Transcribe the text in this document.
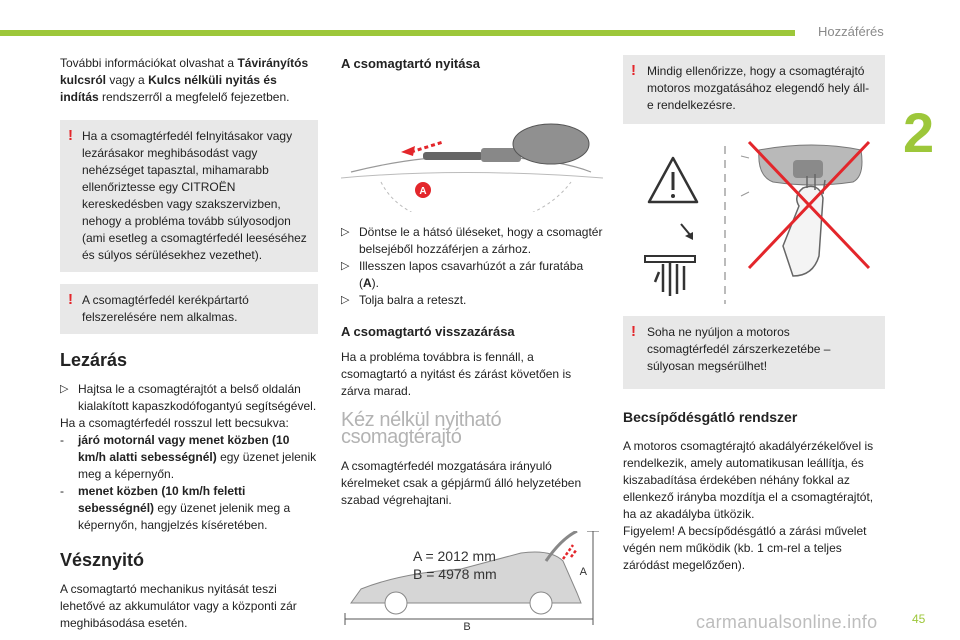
Hozzáférés
2
45
carmanualsonline.info

További információkat olvashat a Távirányítós kulcsról vagy a Kulcs nélküli nyitás és indítás rendszerről a megfelelő fejezetben.

! Ha a csomagtérfedél felnyitásakor vagy lezárásakor meghibásodást vagy nehézséget tapasztal, mihamarabb ellenőriztesse egy CITROËN kereskedésben vagy szakszervizben, nehogy a probléma tovább súlyosodjon (ami esetleg a csomagtérfedél leeséséhez és súlyos sérülésekhez vezethet).

! A csomagtérfedél kerékpártartó felszerelésére nem alkalmas.

Lezárás
▷ Hajtsa le a csomagtérajtót a belső oldalán kialakított kapaszkodófogantyú segítségével.

Ha a csomagtérfedél rosszul lett becsukva:

- járó motornál vagy menet közben (10 km/h alatti sebességnél) egy üzenet jelenik meg a képernyőn.
- menet közben (10 km/h feletti sebességnél) egy üzenet jelenik meg a képernyőn, hangjelzés kíséretében.
Vésznyitó

A csomagtartó mechanikus nyitását teszi lehetővé az akkumulátor vagy a központi zár meghibásodása esetén.

A csomagtartó nyitása
A
▷ Döntse le a hátsó üléseket, hogy a csomagtér belsejéből hozzáférjen a zárhoz.
▷ Illesszen lapos csavarhúzót a zár furatába (A).
▷ Tolja balra a reteszt.
A csomagtartó visszazárása

Ha a probléma továbbra is fennáll, a csomagtartó a nyitást és zárást követően is zárva marad.

Kéz nélkül nyitható csomagtérajtó

A csomagtérfedél mozgatására irányuló kérelmeket csak a gépjármű álló helyzetében szabad végrehajtani.

B
A
A = 2012 mm
B = 4978 mm
! Mindig ellenőrizze, hogy a csomagtérajtó motoros mozgatásához elegendő hely áll-e rendelkezésre.

! Soha ne nyúljon a motoros csomagtérfedél zárszerkezetébe – súlyosan megsérülhet!

Becsípődésgátló rendszer

A motoros csomagtérajtó akadályérzékelővel is rendelkezik, amely automatikusan leállítja, és kiszabadítása érdekében néhány fokkal az ellenkező irányba mozdítja el a csomagtérajtót, ha az akadályba ütközik.

Figyelem! A becsípődésgátló a zárási művelet végén nem működik (kb. 1 cm-rel a teljes záródást megelőzően).
